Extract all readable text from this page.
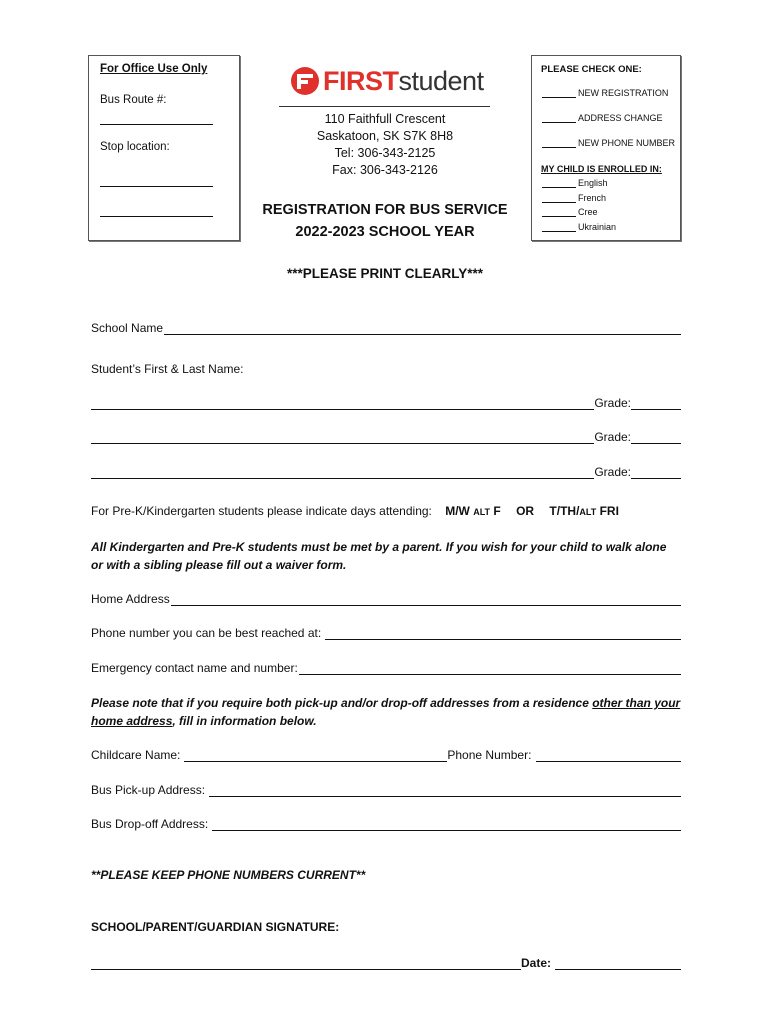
For Office Use Only
Bus Route #:
Stop location:
FIRST student
110 Faithfull Crescent
Saskatoon, SK S7K 8H8
Tel: 306-343-2125
Fax: 306-343-2126
REGISTRATION FOR BUS SERVICE
2022-2023 SCHOOL YEAR
***PLEASE PRINT CLEARLY***
PLEASE CHECK ONE:
NEW REGISTRATION
ADDRESS CHANGE
NEW PHONE NUMBER
MY CHILD IS ENROLLED IN:
English
French
Cree
Ukrainian
School Name
Student’s First & Last Name:
Grade:
Grade:
Grade:
For Pre-K/Kindergarten students please indicate days attending: M/W ALT F OR T/TH/ALT FRI
All Kindergarten and Pre-K students must be met by a parent. If you wish for your child to walk alone or with a sibling please fill out a waiver form.
Home Address
Phone number you can be best reached at:
Emergency contact name and number:
Please note that if you require both pick-up and/or drop-off addresses from a residence other than your home address, fill in information below.
Childcare Name:	Phone Number:
Bus Pick-up Address:
Bus Drop-off Address:
**PLEASE KEEP PHONE NUMBERS CURRENT**
SCHOOL/PARENT/GUARDIAN SIGNATURE:
Date:
